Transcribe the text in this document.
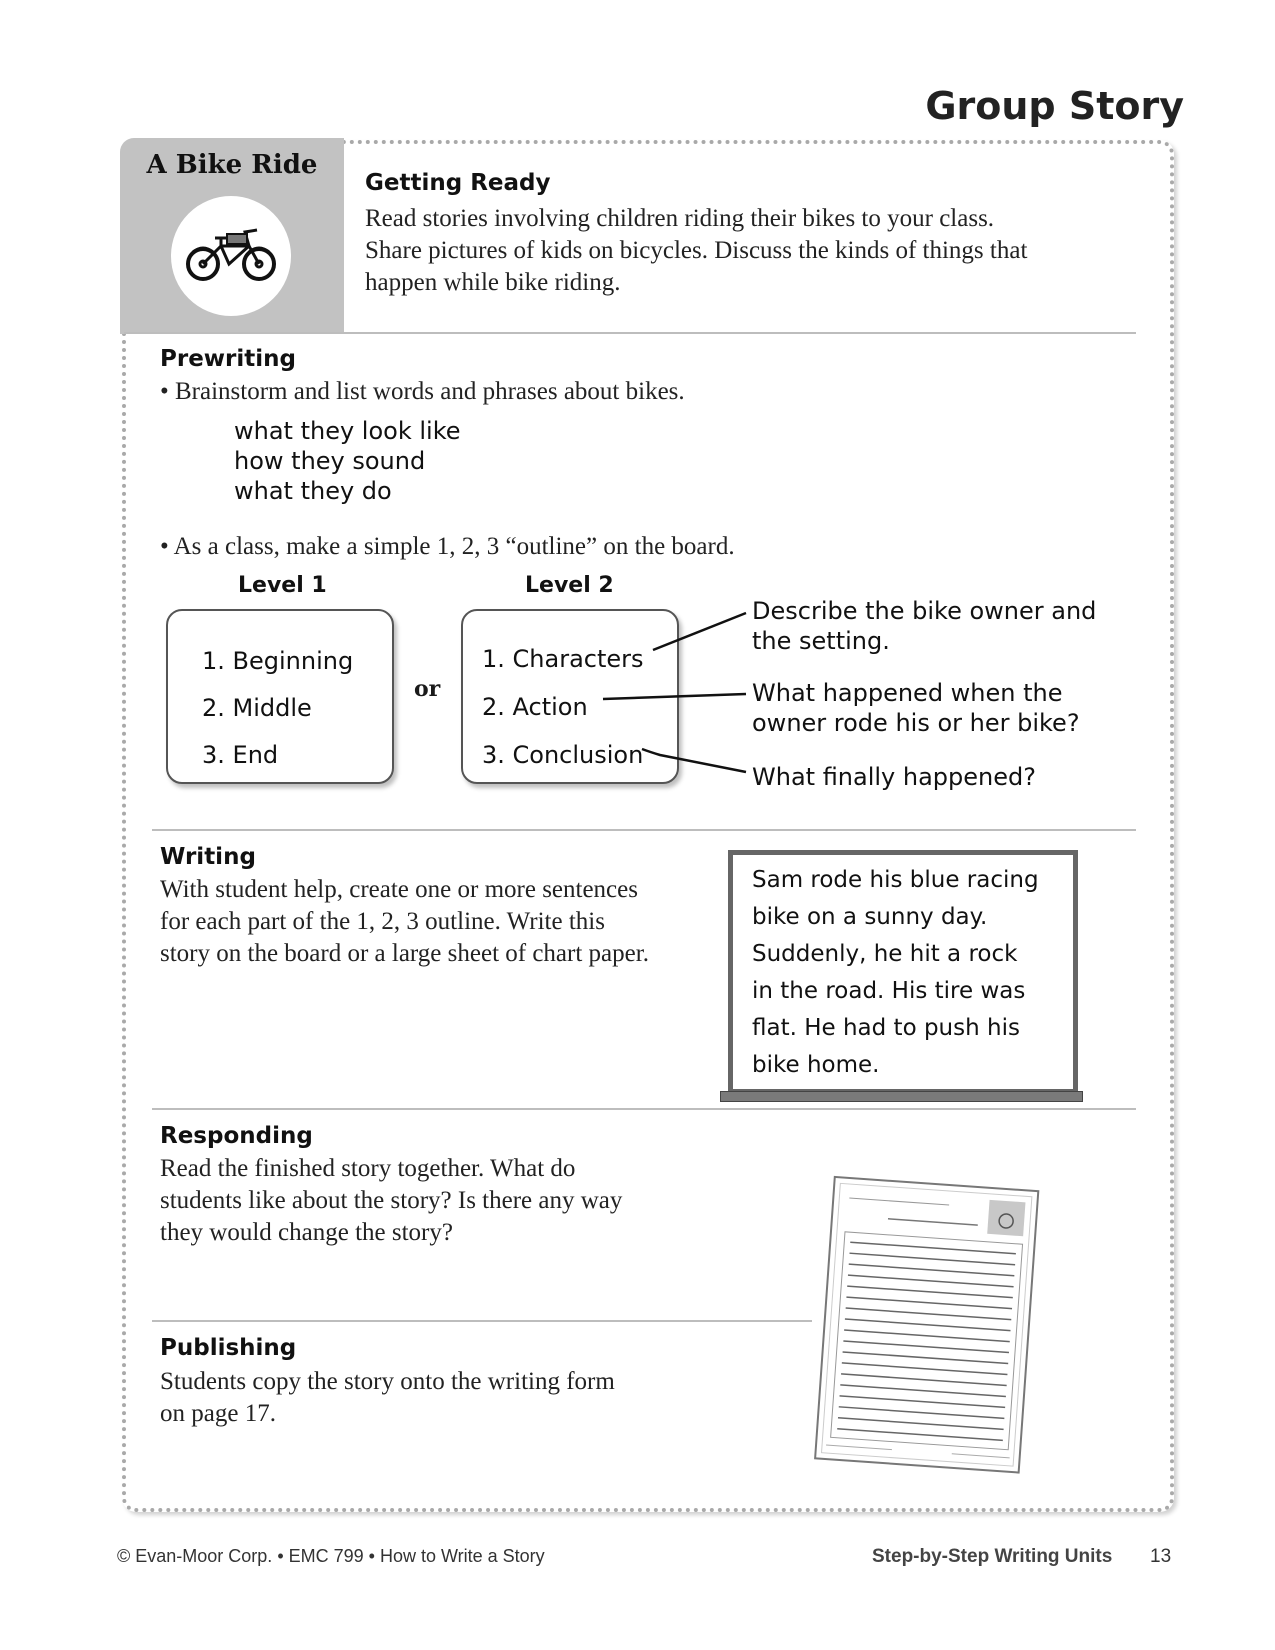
Group Story
A Bike Ride
Getting Ready
Read stories involving children riding their bikes to your class.
Share pictures of kids on bicycles. Discuss the kinds of things that
happen while bike riding.
Prewriting
• Brainstorm and list words and phrases about bikes.
what they look like
how they sound
what they do
• As a class, make a simple 1, 2, 3 “outline” on the board.
Level 1	Level 2
1. Beginning
2. Middle
3. End
or
1. Characters
2. Action
3. Conclusion
Describe the bike owner and
the setting.
What happened when the
owner rode his or her bike?
What finally happened?
Writing
With student help, create one or more sentences
for each part of the 1, 2, 3 outline. Write this
story on the board or a large sheet of chart paper.
Sam rode his blue racing
bike on a sunny day.
Suddenly, he hit a rock
in the road. His tire was
flat. He had to push his
bike home.
Responding
Read the finished story together. What do
students like about the story? Is there any way
they would change the story?
Publishing
Students copy the story onto the writing form
on page 17.
© Evan-Moor Corp. • EMC 799 • How to Write a Story	Step-by-Step Writing Units 13
